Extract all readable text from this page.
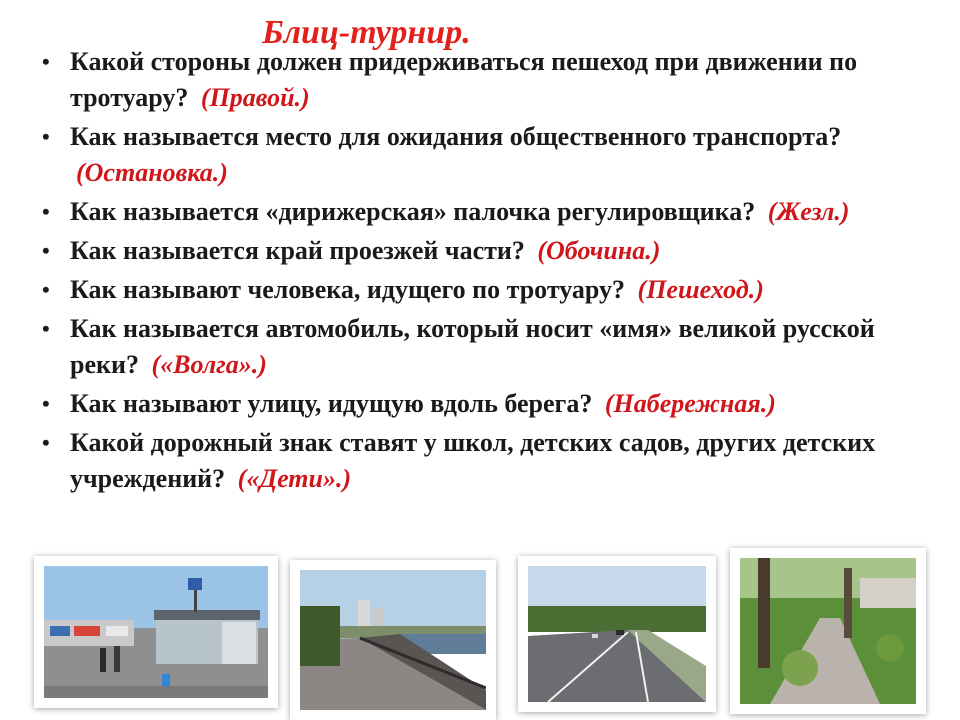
Блиц-турнир.
• Какой стороны должен придерживаться пешеход при движении по тротуару? (Правой.)
• Как называется место для ожидания общественного транспорта? (Остановка.)
• Как называется «дирижерская» палочка регулировщика? (Жезл.)
• Как называется край проезжей части? (Обочина.)
• Как называют человека, идущего по тротуару? (Пешеход.)
• Как называется автомобиль, который носит «имя» великой русской реки? («Волга».)
• Как называют улицу, идущую вдоль берега? (Набережная.)
• Какой дорожный знак ставят у школ, детских садов, других детских учреждений? («Дети».)
